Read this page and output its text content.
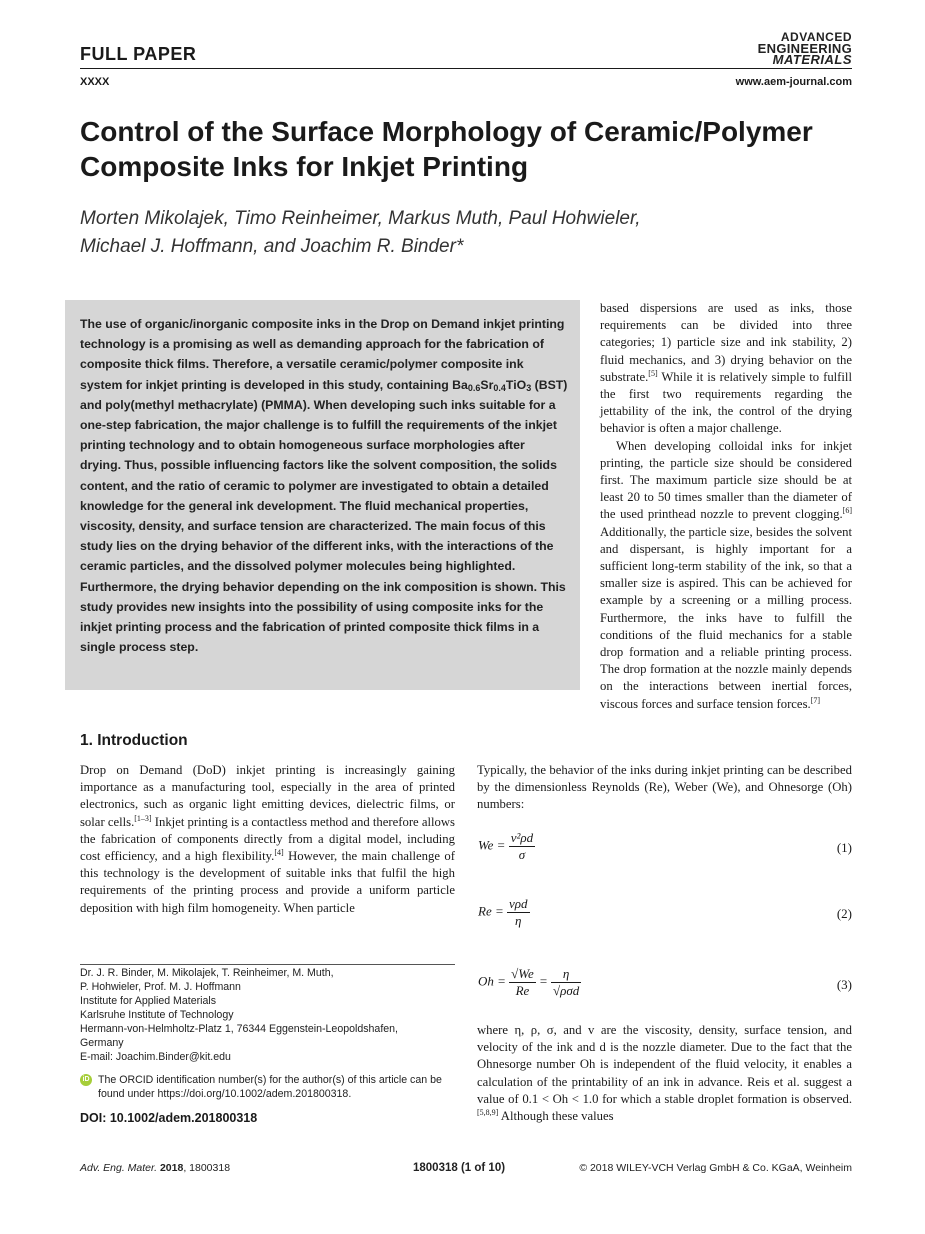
FULL PAPER
ADVANCED
ENGINEERING
MATERIALS
XXXX	www.aem-journal.com
Control of the Surface Morphology of Ceramic/Polymer Composite Inks for Inkjet Printing
Morten Mikolajek, Timo Reinheimer, Markus Muth, Paul Hohwieler,
Michael J. Hoffmann, and Joachim R. Binder*
The use of organic/inorganic composite inks in the Drop on Demand inkjet printing technology is a promising as well as demanding approach for the fabrication of composite thick films. Therefore, a versatile ceramic/polymer composite ink system for inkjet printing is developed in this study, containing $Ba_{0.6}Sr_{0.4}TiO_3$ (BST) and poly(methyl methacrylate) (PMMA). When developing such inks suitable for a one-step fabrication, the major challenge is to fulfill the requirements of the inkjet printing technology and to obtain homogeneous surface morphologies after drying. Thus, possible influencing factors like the solvent composition, the solids content, and the ratio of ceramic to polymer are investigated to obtain a detailed knowledge for the general ink development. The fluid mechanical properties, viscosity, density, and surface tension are characterized. The main focus of this study lies on the drying behavior of the different inks, with the interactions of the ceramic particles, and the dissolved polymer molecules being highlighted. Furthermore, the drying behavior depending on the ink composition is shown. This study provides new insights into the possibility of using composite inks for the inkjet printing process and the fabrication of printed composite thick films in a single process step.

based dispersions are used as inks, those requirements can be divided into three categories; 1) particle size and ink stability, 2) fluid mechanics, and 3) drying behavior on the substrate.[5] While it is relatively simple to fulfill the first two requirements regarding the jettability of the ink, the control of the drying behavior is often a major challenge.

When developing colloidal inks for inkjet printing, the particle size should be considered first. The maximum particle size should be at least 20 to 50 times smaller than the diameter of the used printhead nozzle to prevent clogging.[6] Additionally, the particle size, besides the solvent and dispersant, is highly important for a sufficient long-term stability of the ink, so that a smaller size is aspired. This can be achieved for example by a screening or a milling process. Furthermore, the inks have to fulfill the conditions of the fluid mechanics for a stable drop formation and a reliable printing process. The drop formation at the nozzle mainly depends on the interactions between inertial forces, viscous forces and surface tension forces.[7]

1. Introduction

Drop on Demand (DoD) inkjet printing is increasingly gaining importance as a manufacturing tool, especially in the area of printed electronics, such as organic light emitting devices, dielectric films, or solar cells.[1–3] Inkjet printing is a contactless method and therefore allows the fabrication of components directly from a digital model, including cost efficiency, and a high flexibility.[4] However, the main challenge of this technology is the development of suitable inks that fulfil the high requirements of the printing process and provide a uniform particle deposition with high film homogeneity. When particle

Typically, the behavior of the inks during inkjet printing can be described by the dimensionless Reynolds (Re), Weber (We), and Ohnesorge (Oh) numbers:

$We = \frac{\text{v²ρd}}{\sigma}$	(1)
$Re = \frac{\text{vρd}}{\eta}$	(2)
$Oh = \frac{√We}{Re} = \frac{\eta}{\text{√ρσd}}$	(3)

where η, ρ, σ, and v are the viscosity, density, surface tension, and velocity of the ink and d is the nozzle diameter. Due to the fact that the Ohnesorge number Oh is independent of the fluid velocity, it enables a calculation of the printability of an ink in advance. Reis et al. suggest a value of 0.1 < Oh < 1.0 for which a stable droplet formation is observed.[5,8,9] Although these values

Dr. J. R. Binder, M. Mikolajek, T. Reinheimer, M. Muth,
P. Hohwieler, Prof. M. J. Hoffmann
Institute for Applied Materials
Karlsruhe Institute of Technology
Hermann-von-Helmholtz-Platz 1, 76344 Eggenstein-Leopoldshafen,
Germany
E-mail: Joachim.Binder@kit.edu
iD The ORCID identification number(s) for the author(s) of this article can be found under https://doi.org/10.1002/adem.201800318.
DOI: 10.1002/adem.201800318
Adv. Eng. Mater. 2018, 1800318	1800318 (1 of 10)	© 2018 WILEY-VCH Verlag GmbH & Co. KGaA, Weinheim
